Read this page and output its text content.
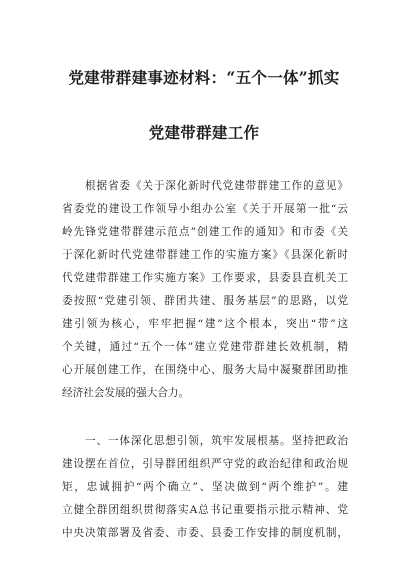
党建带群建事迹材料：“五个一体”抓实
党建带群建工作
根据省委《关于深化新时代党建带群建工作的意见》
省委党的建设工作领导小组办公室《关于开展第一批“云
岭先锋党建带群建示范点”创建工作的通知》和市委《关
于深化新时代党建带群建工作的实施方案》《县深化新时
代党建带群建工作实施方案》工作要求，县委县直机关工
委按照“党建引领、群团共建、服务基层”的思路，以党
建引领为核心，牢牢把握“建”这个根本，突出“带”这
个关键，通过“五个一体”建立党建带群建长效机制，精
心开展创建工作，在围绕中心、服务大局中凝聚群团助推
经济社会发展的强大合力。
一、一体深化思想引领，筑牢发展根基。坚持把政治
建设摆在首位，引导群团组织严守党的政治纪律和政治规
矩，忠诚拥护“两个确立”、坚决做到“两个维护”。建
立健全群团组织贯彻落实A总书记重要指示批示精神、党
中央决策部署及省委、市委、县委工作安排的制度机制，
